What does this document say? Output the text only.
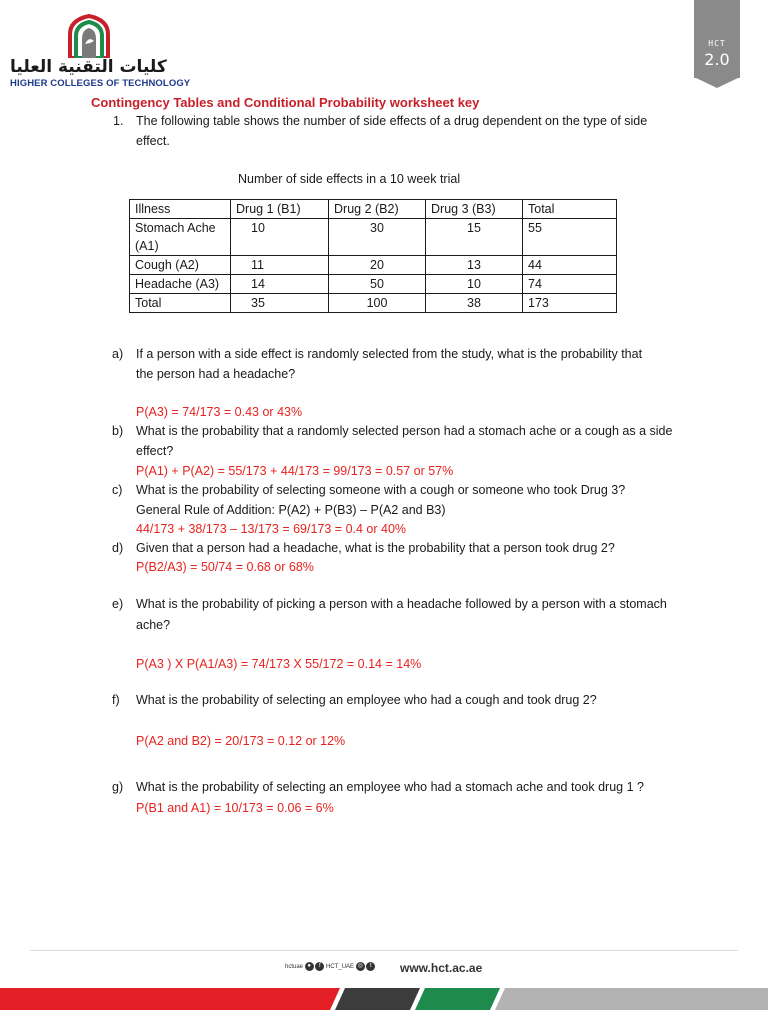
كليات التقنية العليا
HIGHER COLLEGES OF TECHNOLOGY
HCT
2.0
Contingency Tables and Conditional Probability worksheet key
1. The following table shows the number of side effects of a drug dependent on the type of side
effect.
Number of side effects in a 10 week trial
Illness	Drug 1 (B1)	Drug 2 (B2)	Drug 3 (B3)	Total
Stomach Ache
(A1)	10	30	15	55
Cough (A2)	11	20	13	44
Headache (A3)	14	50	10	74
Total	35	100	38	173
a) If a person with a side effect is randomly selected from the study, what is the probability that
the person had a headache?
P(A3) = 74/173 = 0.43 or 43%
b) What is the probability that a randomly selected person had a stomach ache or a cough as a side
effect?
P(A1) + P(A2) = 55/173 + 44/173 = 99/173 = 0.57 or 57%
c) What is the probability of selecting someone with a cough or someone who took Drug 3?
General Rule of Addition: P(A2) + P(B3) – P(A2 and B3)
44/173 + 38/173 – 13/173 = 69/173 = 0.4 or 40%
d) Given that a person had a headache, what is the probability that a person took drug 2?
P(B2/A3) = 50/74 = 0.68 or 68%
e) What is the probability of picking a person with a headache followed by a person with a stomach
ache?
P(A3 ) X P(A1/A3) = 74/173 X 55/172 = 0.14 = 14%
f) What is the probability of selecting an employee who had a cough and took drug 2?
P(A2 and B2) = 20/173 = 0.12 or 12%
g) What is the probability of selecting an employee who had a stomach ache and took drug 1 ?
P(B1 and A1) = 10/173 = 0.06 = 6%
hctuae ● f HCT_UAE ◎ t	www.hct.ac.ae
